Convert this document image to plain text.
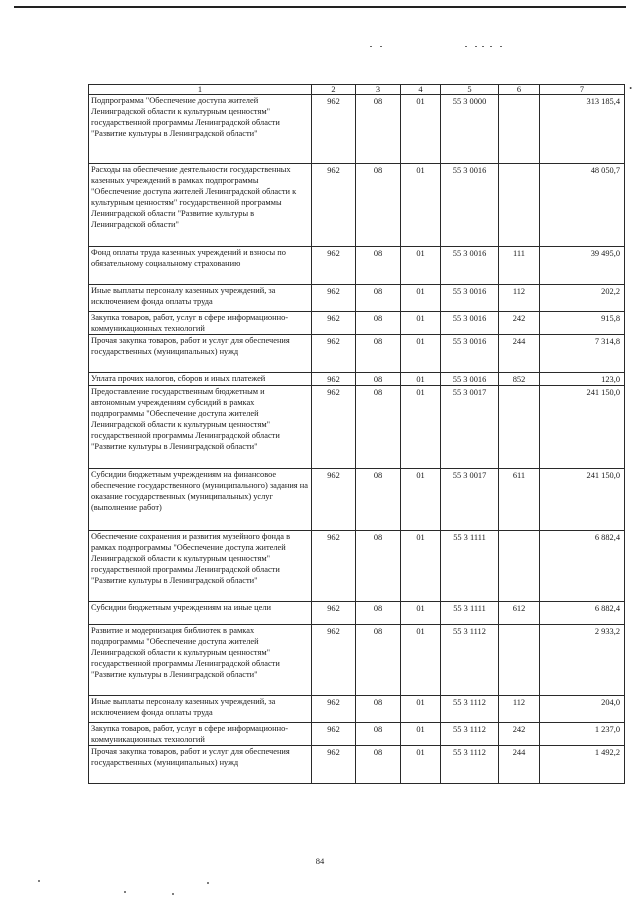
•
1	2	3	4	5	6	7
Подпрограмма "Обеспечение доступа жителей Ленинградской области к культурным ценностям" государственной программы Ленинградской области "Развитие культуры в Ленинградской области"	962	08	01	55 3 0000		313 185,4
Расходы на обеспечение деятельности государственных казенных учреждений в рамках подпрограммы "Обеспечение доступа жителей Ленинградской области к культурным ценностям" государственной программы Ленинградской области "Развитие культуры в Ленинградской области"	962	08	01	55 3 0016		48 050,7
Фонд оплаты труда казенных учреждений и взносы по обязательному социальному страхованию	962	08	01	55 3 0016	111	39 495,0
Иные выплаты персоналу казенных учреждений, за исключением фонда оплаты труда	962	08	01	55 3 0016	112	202,2
Закупка товаров, работ, услуг в сфере информационно-коммуникационных технологий	962	08	01	55 3 0016	242	915,8
Прочая закупка товаров, работ и услуг для обеспечения государственных (муниципальных) нужд	962	08	01	55 3 0016	244	7 314,8
Уплата прочих налогов, сборов и иных платежей	962	08	01	55 3 0016	852	123,0
Предоставление государственным бюджетным и автономным учреждениям субсидий в рамках подпрограммы "Обеспечение доступа жителей Ленинградской области к культурным ценностям" государственной программы Ленинградской области "Развитие культуры в Ленинградской области"	962	08	01	55 3 0017		241 150,0
Субсидии бюджетным учреждениям на финансовое обеспечение государственного (муниципального) задания на оказание государственных (муниципальных) услуг (выполнение работ)	962	08	01	55 3 0017	611	241 150,0
Обеспечение сохранения и развития музейного фонда в рамках подпрограммы "Обеспечение доступа жителей Ленинградской области к культурным ценностям" государственной программы Ленинградской области "Развитие культуры в Ленинградской области"	962	08	01	55 3 1111		6 882,4
Субсидии бюджетным учреждениям на иные цели	962	08	01	55 3 1111	612	6 882,4
Развитие и модернизация библиотек в рамках подпрограммы "Обеспечение доступа жителей Ленинградской области к культурным ценностям" государственной программы Ленинградской области "Развитие культуры в Ленинградской области"	962	08	01	55 3 1112		2 933,2
Иные выплаты персоналу казенных учреждений, за исключением фонда оплаты труда	962	08	01	55 3 1112	112	204,0
Закупка товаров, работ, услуг в сфере информационно-коммуникационных технологий	962	08	01	55 3 1112	242	1 237,0
Прочая закупка товаров, работ и услуг для обеспечения государственных (муниципальных) нужд	962	08	01	55 3 1112	244	1 492,2
84
